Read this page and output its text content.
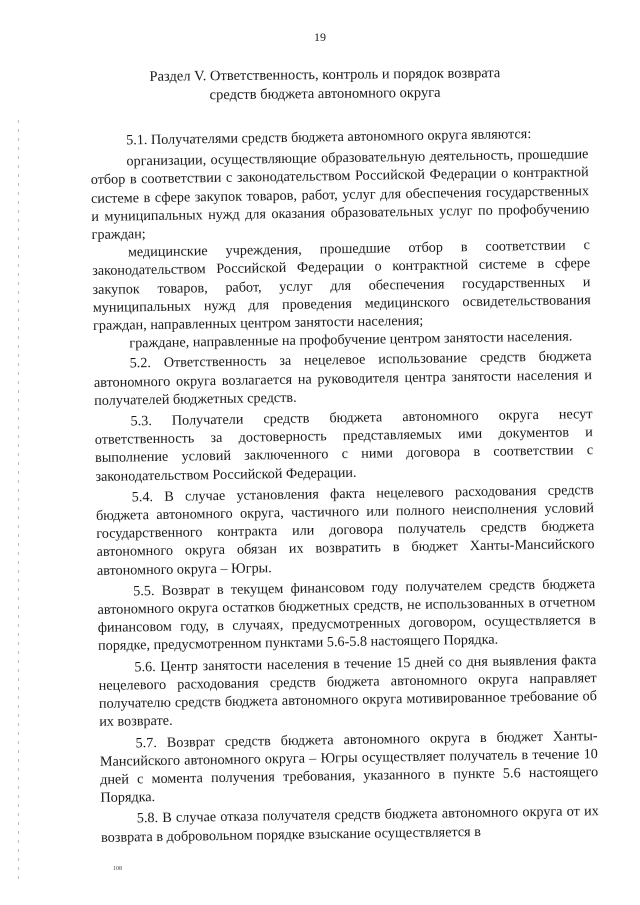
19
Раздел V. Ответственность, контроль и порядок возврата
средств бюджета автономного округа

5.1. Получателями средств бюджета автономного округа являются:

организации, осуществляющие образовательную деятельность, прошедшие отбор в соответствии с законодательством Российской Федерации о контрактной системе в сфере закупок товаров, работ, услуг для обеспечения государственных и муниципальных нужд для оказания образовательных услуг по профобучению граждан;

медицинские учреждения, прошедшие отбор в соответствии с законодательством Российской Федерации о контрактной системе в сфере закупок товаров, работ, услуг для обеспечения государственных и муниципальных нужд для проведения медицинского освидетельствования граждан, направленных центром занятости населения;

граждане, направленные на профобучение центром занятости населения.

5.2. Ответственность за нецелевое использование средств бюджета автономного округа возлагается на руководителя центра занятости населения и получателей бюджетных средств.

5.3. Получатели средств бюджета автономного округа несут ответственность за достоверность представляемых ими документов и выполнение условий заключенного с ними договора в соответствии с законодательством Российской Федерации.

5.4. В случае установления факта нецелевого расходования средств бюджета автономного округа, частичного или полного неисполнения условий государственного контракта или договора получатель средств бюджета автономного округа обязан их возвратить в бюджет Ханты-Мансийского автономного округа – Югры.

5.5. Возврат в текущем финансовом году получателем средств бюджета автономного округа остатков бюджетных средств, не использованных в отчетном финансовом году, в случаях, предусмотренных договором, осуществляется в порядке, предусмотренном пунктами 5.6-5.8 настоящего Порядка.

5.6. Центр занятости населения в течение 15 дней со дня выявления факта нецелевого расходования средств бюджета автономного округа направляет получателю средств бюджета автономного округа мотивированное требование об их возврате.

5.7. Возврат средств бюджета автономного округа в бюджет Ханты-Мансийского автономного округа – Югры осуществляет получатель в течение 10 дней с момента получения требования, указанного в пункте 5.6 настоящего Порядка.

5.8. В случае отказа получателя средств бюджета автономного округа от их возврата в добровольном порядке взыскание осуществляется в

108
